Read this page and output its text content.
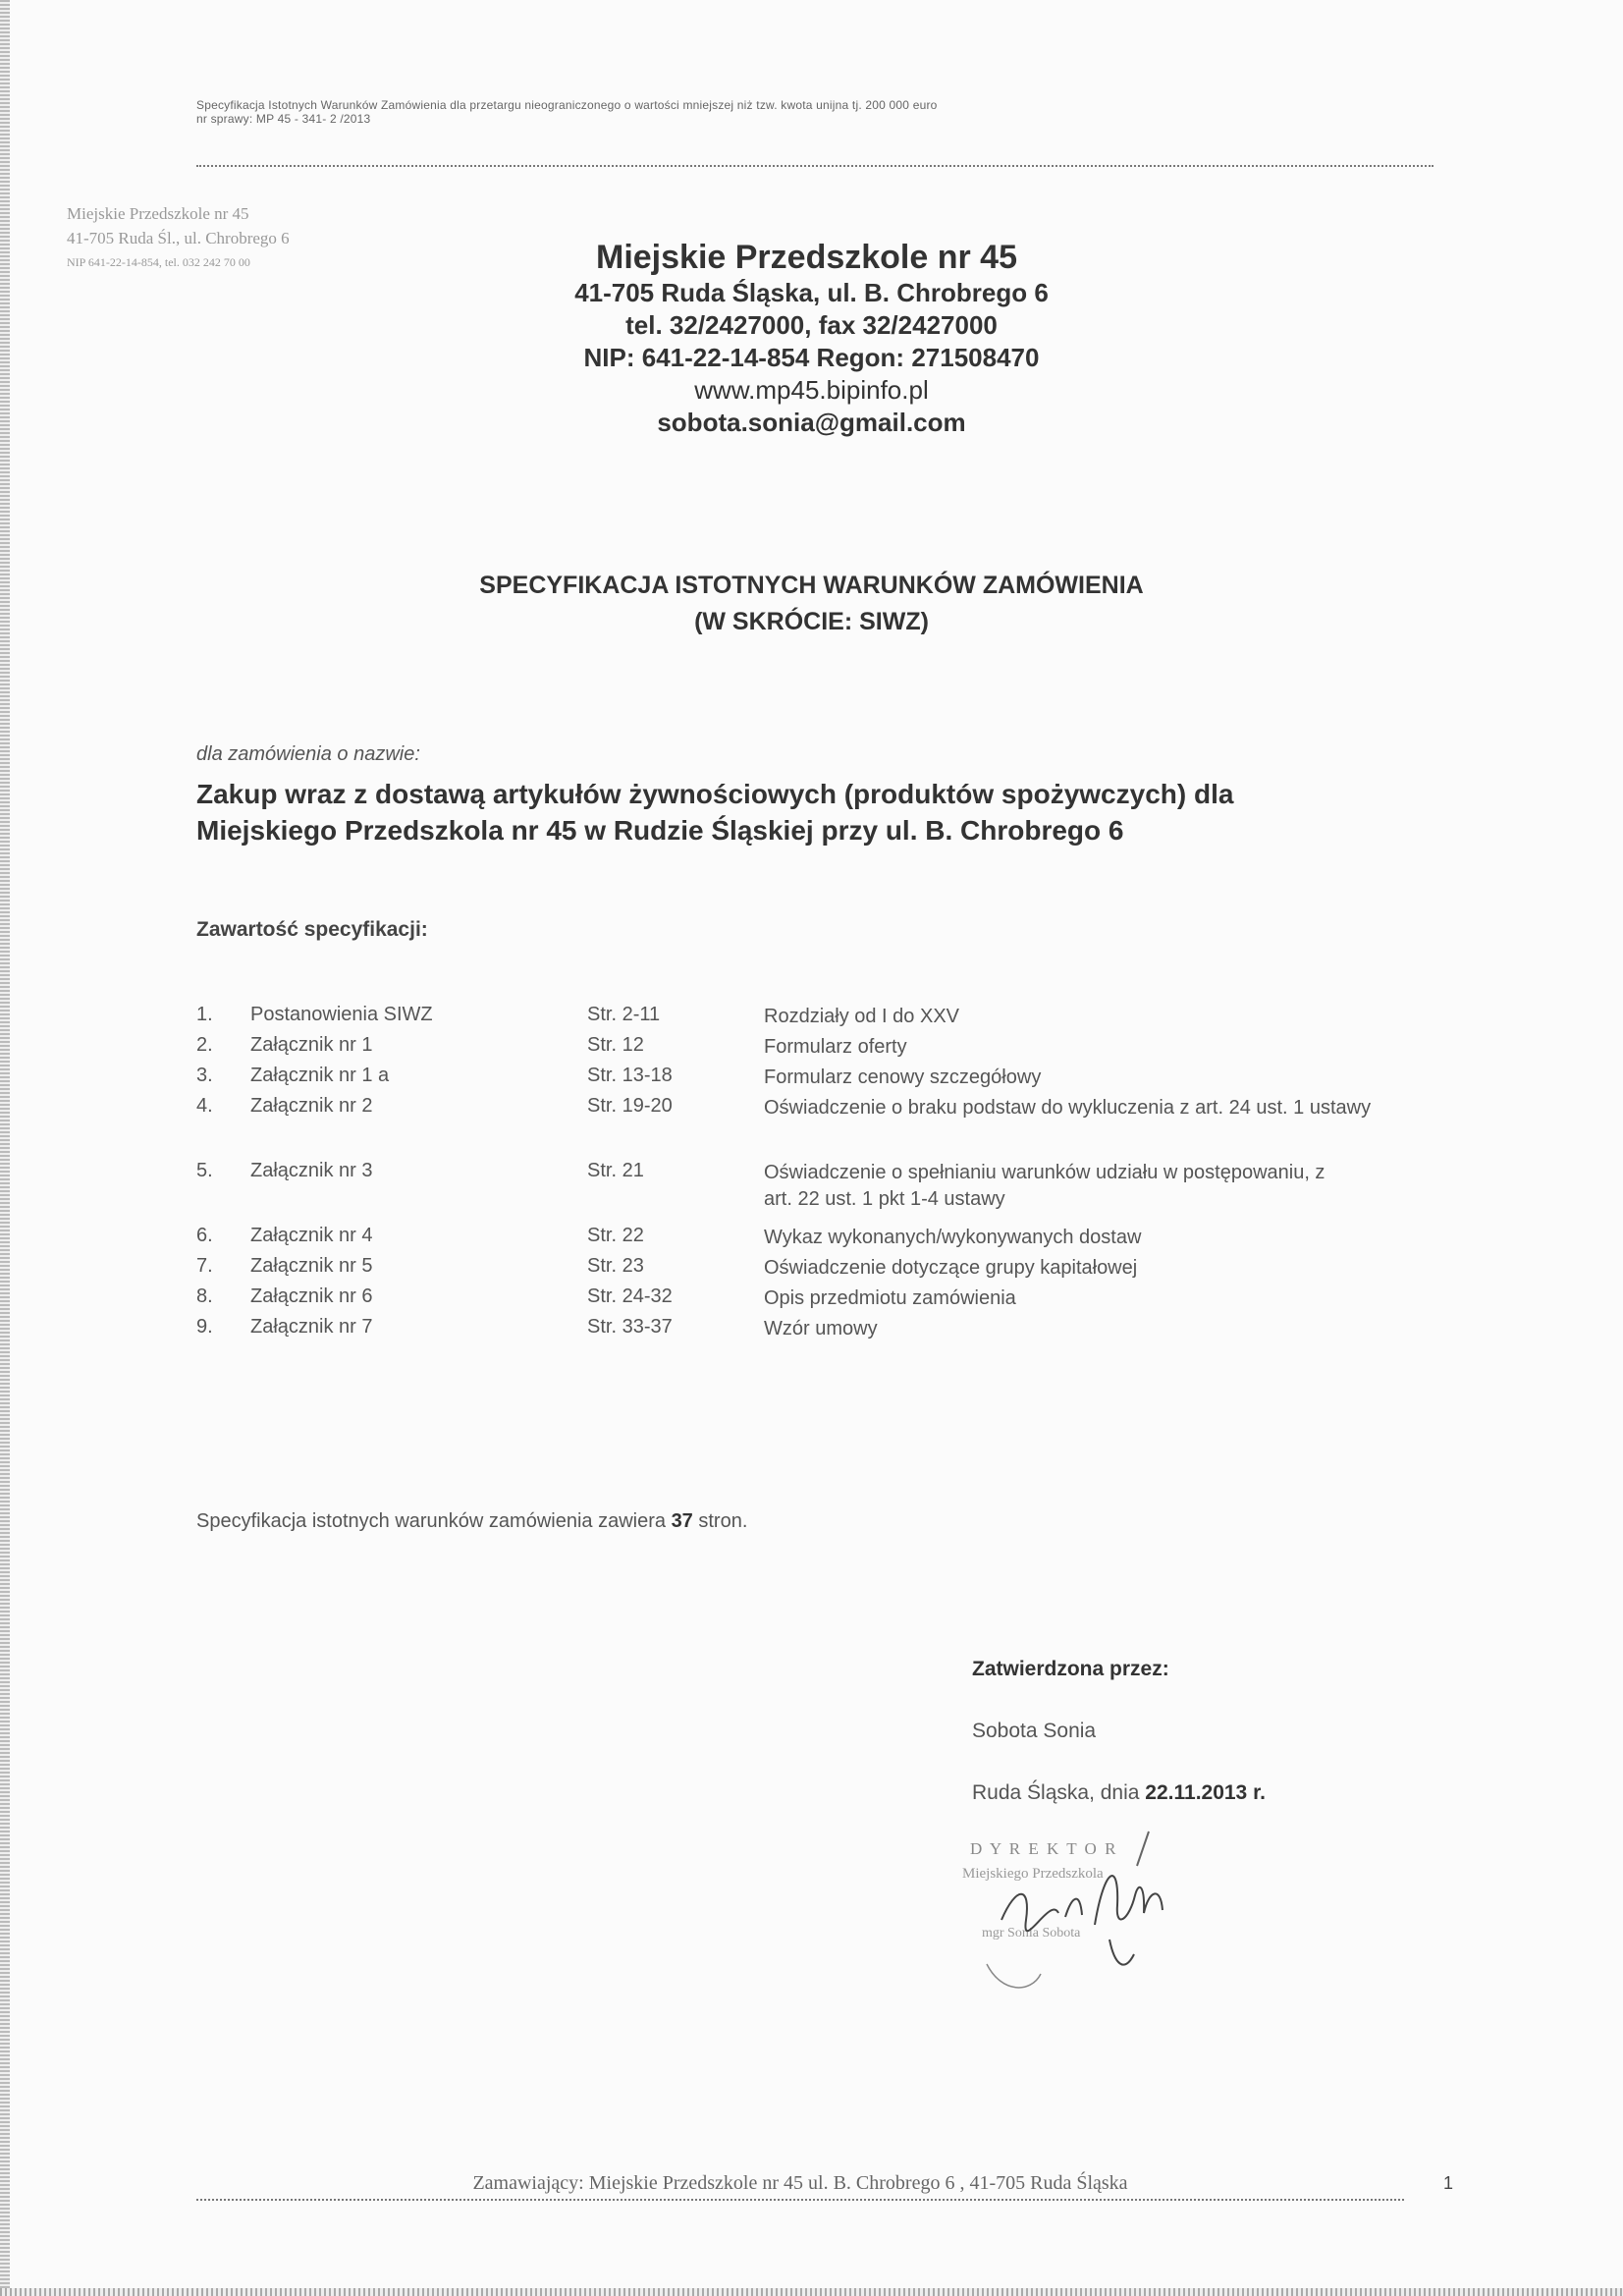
Specyfikacja Istotnych Warunków Zamówienia dla przetargu nieograniczonego o wartości mniejszej niż tzw. kwota unijna tj. 200 000 euro
nr sprawy: MP 45 - 341- 2 /2013
Miejskie Przedszkole nr 45
41-705 Ruda Śl., ul. Chrobrego 6
NIP 641-22-14-854, tel. 032 242 70 00	Miejskie Przedszkole nr 45
41-705 Ruda Śląska, ul. B. Chrobrego 6
tel. 32/2427000, fax 32/2427000
NIP: 641-22-14-854 Regon: 271508470
www.mp45.bipinfo.pl
sobota.sonia@gmail.com
SPECYFIKACJA ISTOTNYCH WARUNKÓW ZAMÓWIENIA
(W SKRÓCIE: SIWZ)
dla zamówienia o nazwie:
Zakup wraz z dostawą artykułów żywnościowych (produktów spożywczych) dla
Miejskiego Przedszkola nr 45 w Rudzie Śląskiej przy ul. B. Chrobrego 6
Zawartość specyfikacji:
1.	Postanowienia SIWZ	Str. 2-11	Rozdziały od I do XXV
2.	Załącznik nr 1	Str. 12	Formularz oferty
3.	Załącznik nr 1 a	Str. 13-18	Formularz cenowy szczegółowy
4.	Załącznik nr 2	Str. 19-20	Oświadczenie o braku podstaw do wykluczenia z art. 24 ust. 1 ustawy
5.	Załącznik nr 3	Str. 21	Oświadczenie o spełnianiu warunków udziału w postępowaniu, z art. 22 ust. 1 pkt 1-4 ustawy
6.	Załącznik nr 4	Str. 22	Wykaz wykonanych/wykonywanych dostaw
7.	Załącznik nr 5	Str. 23	Oświadczenie dotyczące grupy kapitałowej
8.	Załącznik nr 6	Str. 24-32	Opis przedmiotu zamówienia
9.	Załącznik nr 7	Str. 33-37	Wzór umowy
Specyfikacja istotnych warunków zamówienia zawiera 37 stron.
Zatwierdzona przez:
Sobota Sonia
Ruda Śląska, dnia 22.11.2013 r.
D Y R E K T O R
Miejskiego Przedszkola
mgr Sonia Sobota
Zamawiający: Miejskie Przedszkole nr 45 ul. B. Chrobrego 6 , 41-705 Ruda Śląska	1
